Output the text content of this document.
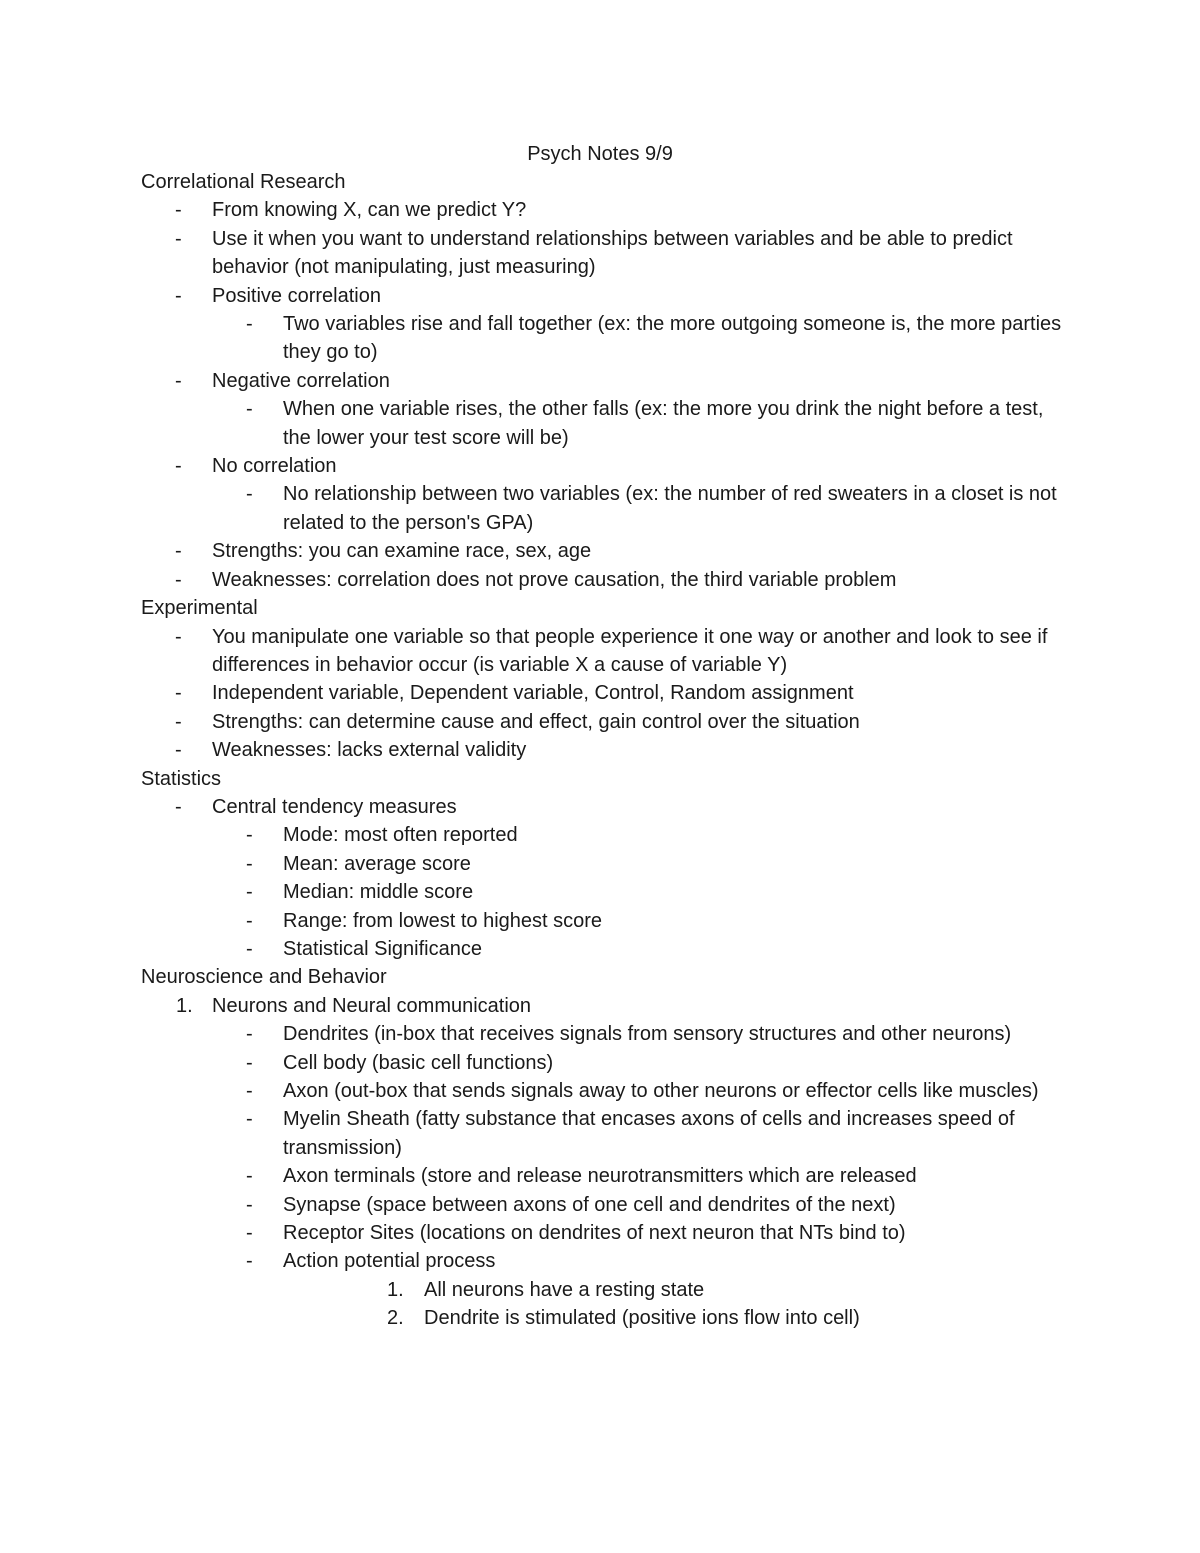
Psych Notes 9/9
Correlational Research
- From knowing X, can we predict Y?
- Use it when you want to understand relationships between variables and be able to predict behavior (not manipulating, just measuring)
- Positive correlation
- Two variables rise and fall together (ex: the more outgoing someone is, the more parties they go to)
- Negative correlation
- When one variable rises, the other falls (ex: the more you drink the night before a test, the lower your test score will be)
- No correlation
- No relationship between two variables (ex: the number of red sweaters in a closet is not related to the person's GPA)
- Strengths: you can examine race, sex, age
- Weaknesses: correlation does not prove causation, the third variable problem
Experimental
- You manipulate one variable so that people experience it one way or another and look to see if differences in behavior occur (is variable X a cause of variable Y)
- Independent variable, Dependent variable, Control, Random assignment
- Strengths: can determine cause and effect, gain control over the situation
- Weaknesses: lacks external validity
Statistics
- Central tendency measures
- Mode: most often reported
- Mean: average score
- Median: middle score
- Range: from lowest to highest score
- Statistical Significance
Neuroscience and Behavior
1. Neurons and Neural communication
- Dendrites (in-box that receives signals from sensory structures and other neurons)
- Cell body (basic cell functions)
- Axon (out-box that sends signals away to other neurons or effector cells like muscles)
- Myelin Sheath (fatty substance that encases axons of cells and increases speed of transmission)
- Axon terminals (store and release neurotransmitters which are released
- Synapse (space between axons of one cell and dendrites of the next)
- Receptor Sites (locations on dendrites of next neuron that NTs bind to)
- Action potential process
1. All neurons have a resting state
2. Dendrite is stimulated (positive ions flow into cell)
